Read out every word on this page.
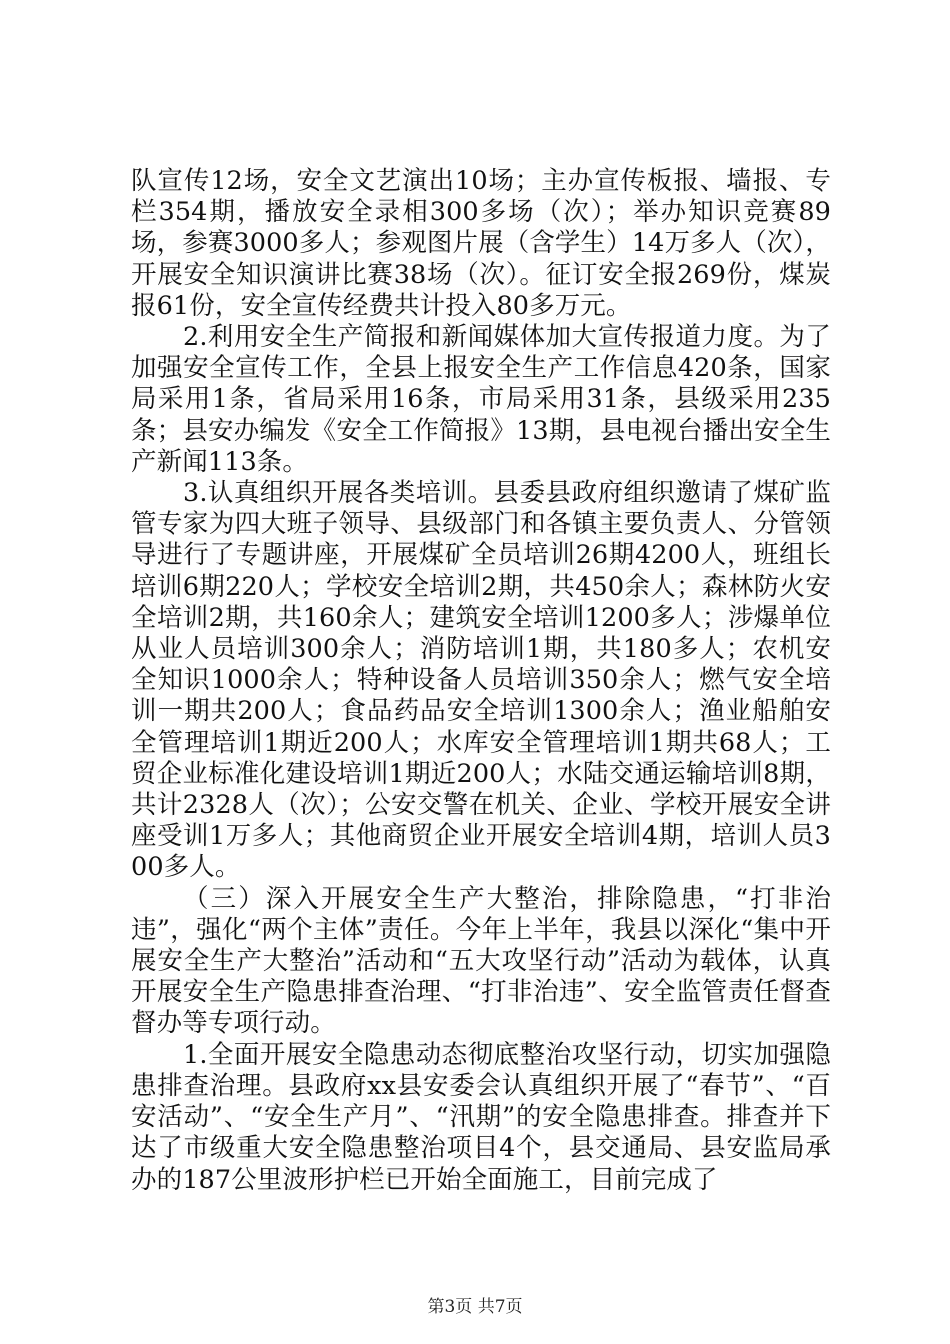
队宣传12场，安全文艺演出10场；主办宣传板报、墙报、专栏354期，播放安全录相300多场（次）；举办知识竞赛89场，参赛3000多人；参观图片展（含学生）14万多人（次），开展安全知识演讲比赛38场（次）。征订安全报269份，煤炭报61份，安全宣传经费共计投入80多万元。

2.利用安全生产简报和新闻媒体加大宣传报道力度。为了加强安全宣传工作，全县上报安全生产工作信息420条，国家局采用1条，省局采用16条，市局采用31条，县级采用235条；县安办编发《安全工作简报》13期，县电视台播出安全生产新闻113条。

3.认真组织开展各类培训。县委县政府组织邀请了煤矿监管专家为四大班子领导、县级部门和各镇主要负责人、分管领导进行了专题讲座，开展煤矿全员培训26期4200人，班组长培训6期220人；学校安全培训2期，共450余人；森林防火安全培训2期，共160余人；建筑安全培训1200多人；涉爆单位从业人员培训300余人；消防培训1期，共180多人；农机安全知识1000余人；特种设备人员培训350余人；燃气安全培训一期共200人；食品药品安全培训1300余人；渔业船舶安全管理培训1期近200人；水库安全管理培训1期共68人；工贸企业标准化建设培训1期近200人；水陆交通运输培训8期，共计2328人（次）；公安交警在机关、企业、学校开展安全讲座受训1万多人；其他商贸企业开展安全培训4期，培训人员300多人。

（三）深入开展安全生产大整治，排除隐患，“打非治违”，强化“两个主体”责任。今年上半年，我县以深化“集中开展安全生产大整治”活动和“五大攻坚行动”活动为载体，认真开展安全生产隐患排查治理、“打非治违”、安全监管责任督查督办等专项行动。

1.全面开展安全隐患动态彻底整治攻坚行动，切实加强隐患排查治理。县政府xx县安委会认真组织开展了“春节”、“百安活动”、“安全生产月”、“汛期”的安全隐患排查。排查并下达了市级重大安全隐患整治项目4个，县交通局、县安监局承办的187公里波形护栏已开始全面施工，目前完成了

第3页 共7页
